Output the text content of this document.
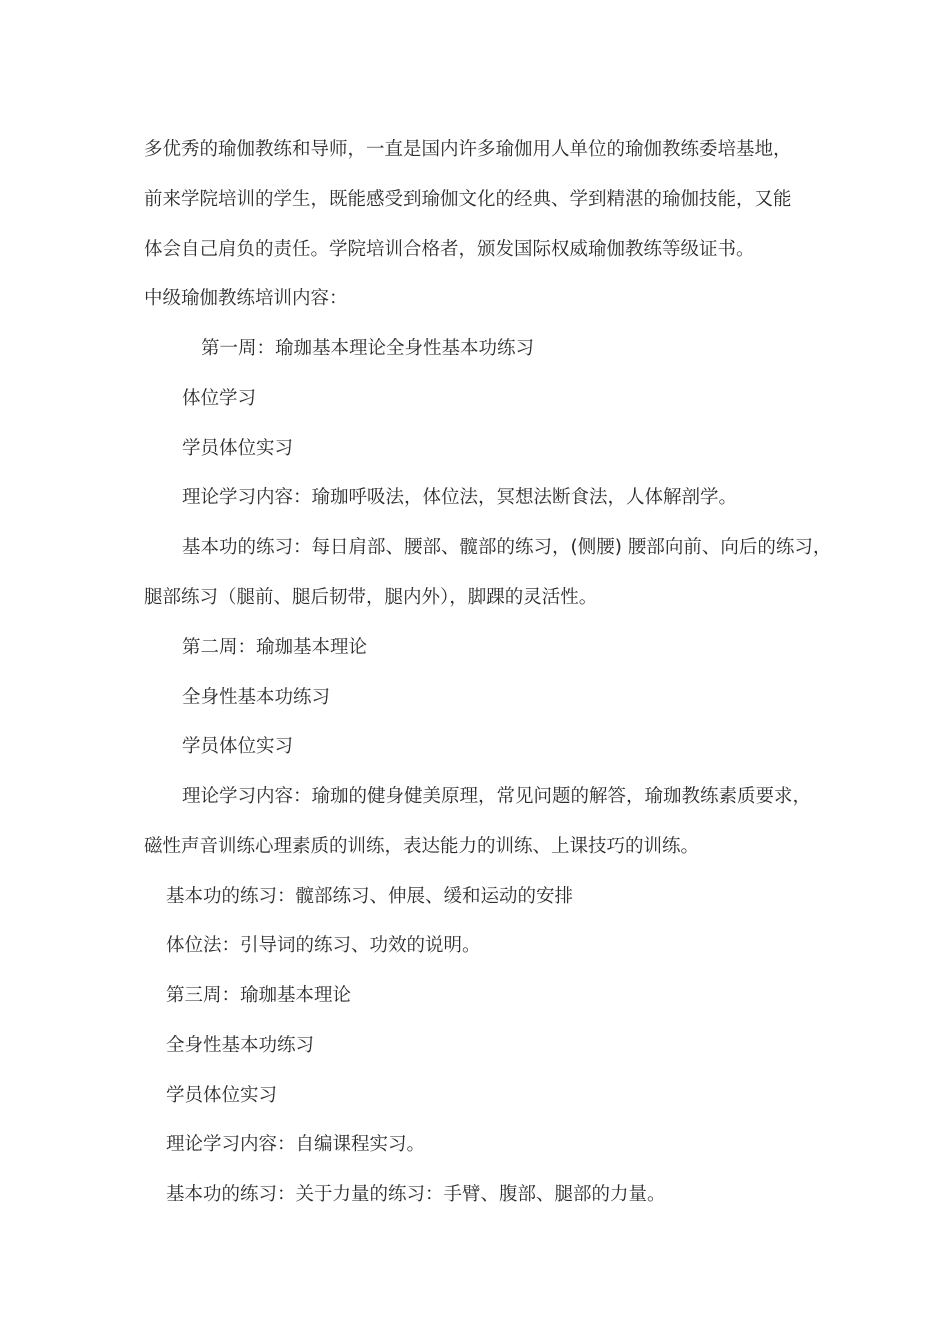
多优秀的瑜伽教练和导师，一直是国内许多瑜伽用人单位的瑜伽教练委培基地，
前来学院培训的学生，既能感受到瑜伽文化的经典、学到精湛的瑜伽技能，又能
体会自己肩负的责任。学院培训合格者，颁发国际权威瑜伽教练等级证书。
中级瑜伽教练培训内容：
第一周：瑜珈基本理论全身性基本功练习
体位学习
学员体位实习
理论学习内容：瑜珈呼吸法，体位法，冥想法断食法，人体解剖学。
基本功的练习：每日肩部、腰部、髋部的练习，(侧腰) 腰部向前、向后的练习，
腿部练习（腿前、腿后韧带，腿内外），脚踝的灵活性。
第二周：瑜珈基本理论
全身性基本功练习
学员体位实习
理论学习内容：瑜珈的健身健美原理，常见问题的解答，瑜珈教练素质要求，
磁性声音训练心理素质的训练，表达能力的训练、上课技巧的训练。
基本功的练习：髋部练习、伸展、缓和运动的安排
体位法：引导词的练习、功效的说明。
第三周：瑜珈基本理论
全身性基本功练习
学员体位实习
理论学习内容：自编课程实习。
基本功的练习：关于力量的练习：手臂、腹部、腿部的力量。
